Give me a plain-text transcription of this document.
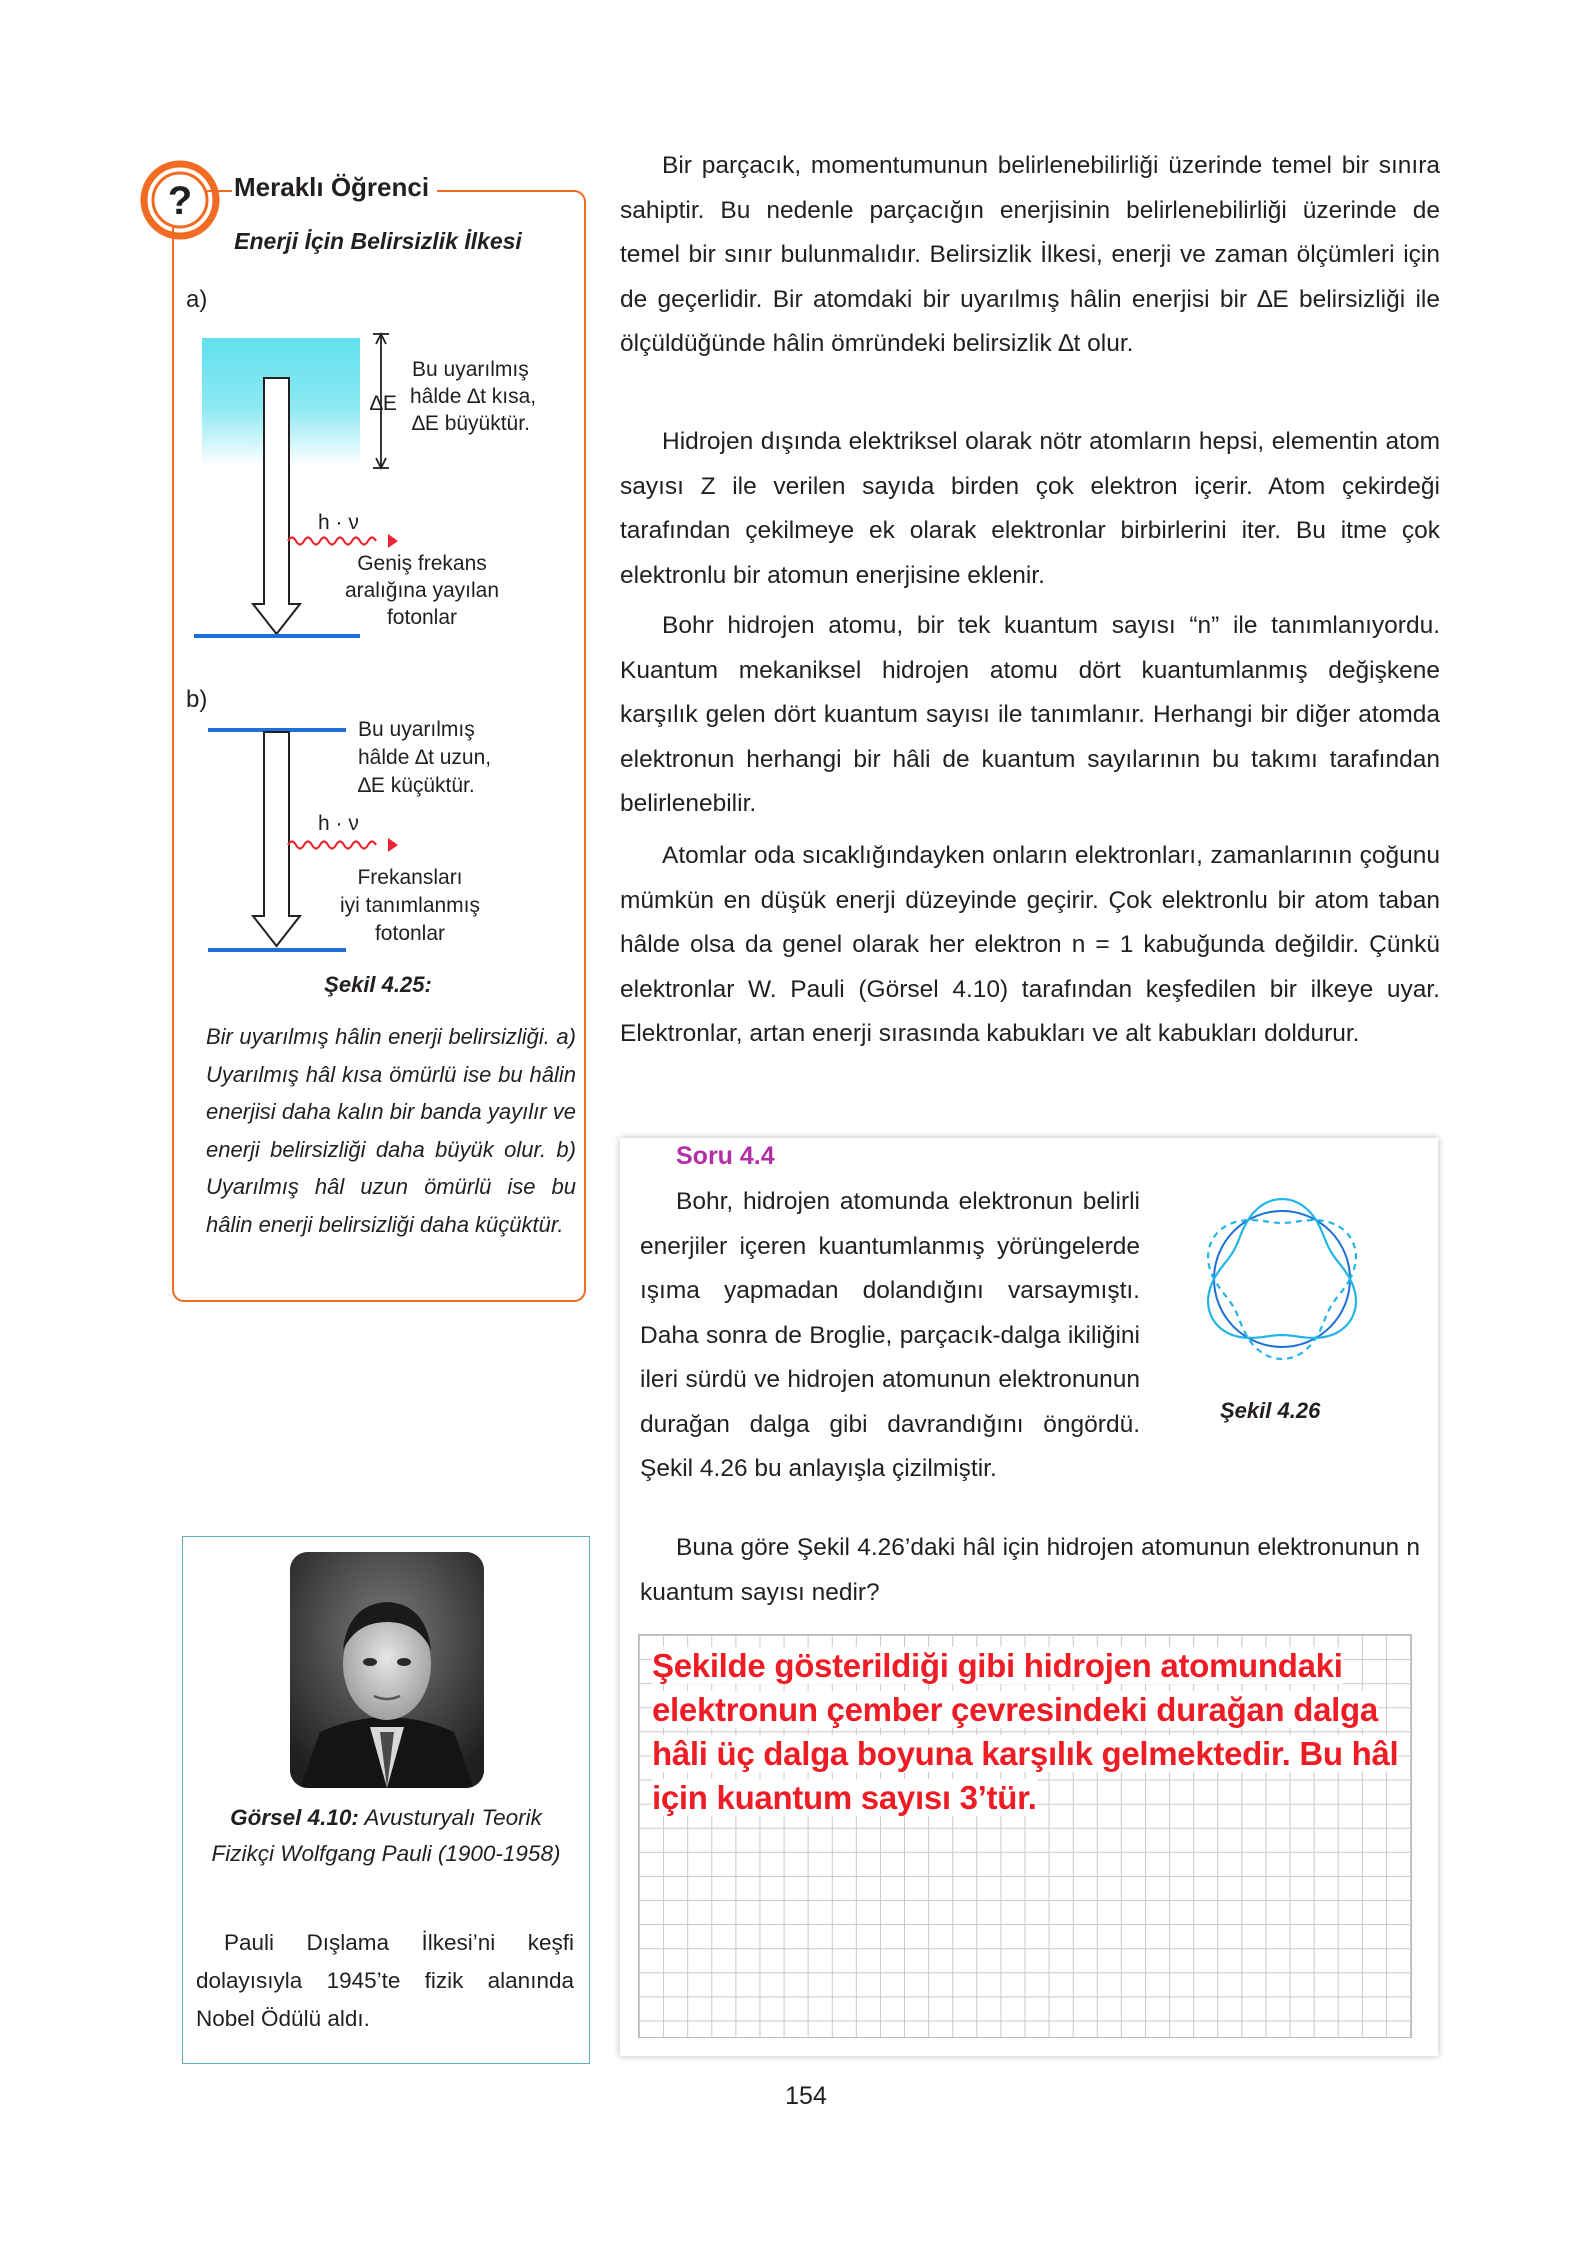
? Meraklı Öğrenci
Enerji İçin Belirsizlik İlkesi
a)
b)
∆E
Bu uyarılmış
hâlde ∆t kısa,
∆E büyüktür.
h · ν
Geniş frekans
aralığına yayılan
fotonlar
Bu uyarılmış
hâlde ∆t uzun,
∆E küçüktür.
h · ν
Frekansları
iyi tanımlanmış
fotonlar
Şekil 4.25:
Bir uyarılmış hâlin enerji belirsizliği. a) Uyarılmış hâl kısa ömürlü ise bu hâlin enerjisi daha kalın bir banda yayılır ve enerji belirsizliği daha büyük olur. b) Uyarılmış hâl uzun ömürlü ise bu hâlin enerji belirsizliği daha küçüktür.

Bir parçacık, momentumunun belirlenebilirliği üzerinde temel bir sınıra sahiptir. Bu nedenle parçacığın enerjisinin belirlenebilirliği üzerinde de temel bir sınır bulunmalıdır. Belirsizlik İlkesi, enerji ve zaman ölçümleri için de geçerlidir. Bir atomdaki bir uyarılmış hâlin enerjisi bir ∆E belirsizliği ile ölçüldüğünde hâlin ömründeki belirsizlik ∆t olur.

Hidrojen dışında elektriksel olarak nötr atomların hepsi, elementin atom sayısı Z ile verilen sayıda birden çok elektron içerir. Atom çekirdeği tarafından çekilmeye ek olarak elektronlar birbirlerini iter. Bu itme çok elektronlu bir atomun enerjisine eklenir.

Bohr hidrojen atomu, bir tek kuantum sayısı “n” ile tanımlanıyordu. Kuantum mekaniksel hidrojen atomu dört kuantumlanmış değişkene karşılık gelen dört kuantum sayısı ile tanımlanır. Herhangi bir diğer atomda elektronun herhangi bir hâli de kuantum sayılarının bu takımı tarafından belirlenebilir.

Atomlar oda sıcaklığındayken onların elektronları, zamanlarının çoğunu mümkün en düşük enerji düzeyinde geçirir. Çok elektronlu bir atom taban hâlde olsa da genel olarak her elektron n = 1 kabuğunda değildir. Çünkü elektronlar W. Pauli (Görsel 4.10) tarafından keşfedilen bir ilkeye uyar. Elektronlar, artan enerji sırasında kabukları ve alt kabukları doldurur.

Görsel 4.10: Avusturyalı Teorik Fizikçi Wolfgang Pauli (1900-1958)

Pauli Dışlama İlkesi’ni keşfi dolayısıyla 1945’te fizik alanında Nobel Ödülü aldı.

Soru 4.4

Bohr, hidrojen atomunda elektronun belirli enerjiler içeren kuantumlanmış yörüngelerde ışıma yapmadan dolandığını varsaymıştı. Daha sonra de Broglie, parçacık-dalga ikiliğini ileri sürdü ve hidrojen atomunun elektronunun durağan dalga gibi davrandığını öngördü. Şekil 4.26 bu anlayışla çizilmiştir.

Şekil 4.26

Buna göre Şekil 4.26’daki hâl için hidrojen atomunun elektronunun n kuantum sayısı nedir?

Şekilde gösterildiği gibi hidrojen atomundaki elektronun çember çevresindeki durağan dalga hâli üç dalga boyuna karşılık gelmektedir. Bu hâl için kuantum sayısı 3’tür.
154
